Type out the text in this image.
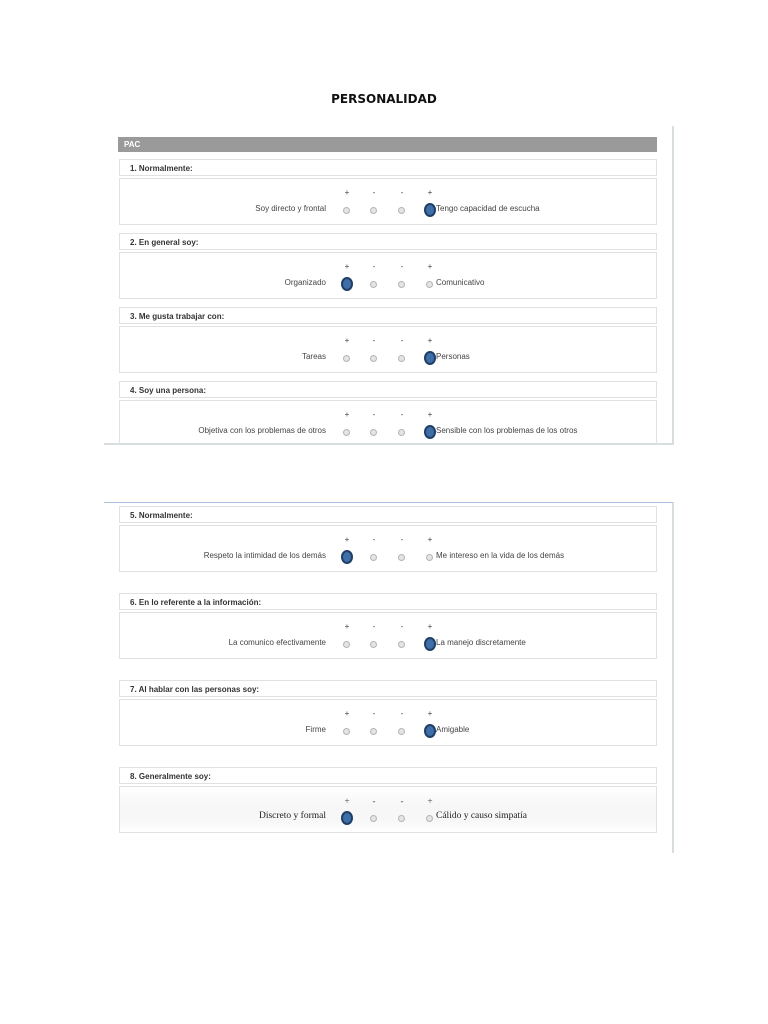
PERSONALIDAD
PAC
1. Normalmente:
+	-	-	+
Soy directo y frontal	Tengo capacidad de escucha
2. En general soy:
+	-	-	+
Organizado	Comunicativo
3. Me gusta trabajar con:
+	-	-	+
Tareas	Personas
4. Soy una persona:
+	-	-	+
Objetiva con los problemas de otros	Sensible con los problemas de los otros
5. Normalmente:
+	-	-	+
Respeto la intimidad de los demás	Me intereso en la vida de los demás
6. En lo referente a la información:
+	-	-	+
La comunico efectivamente	La manejo discretamente
7. Al hablar con las personas soy:
+	-	-	+
Firme	Amigable
8. Generalmente soy:
+	-	-	+
Discreto y formal	Cálido y causo simpatía
